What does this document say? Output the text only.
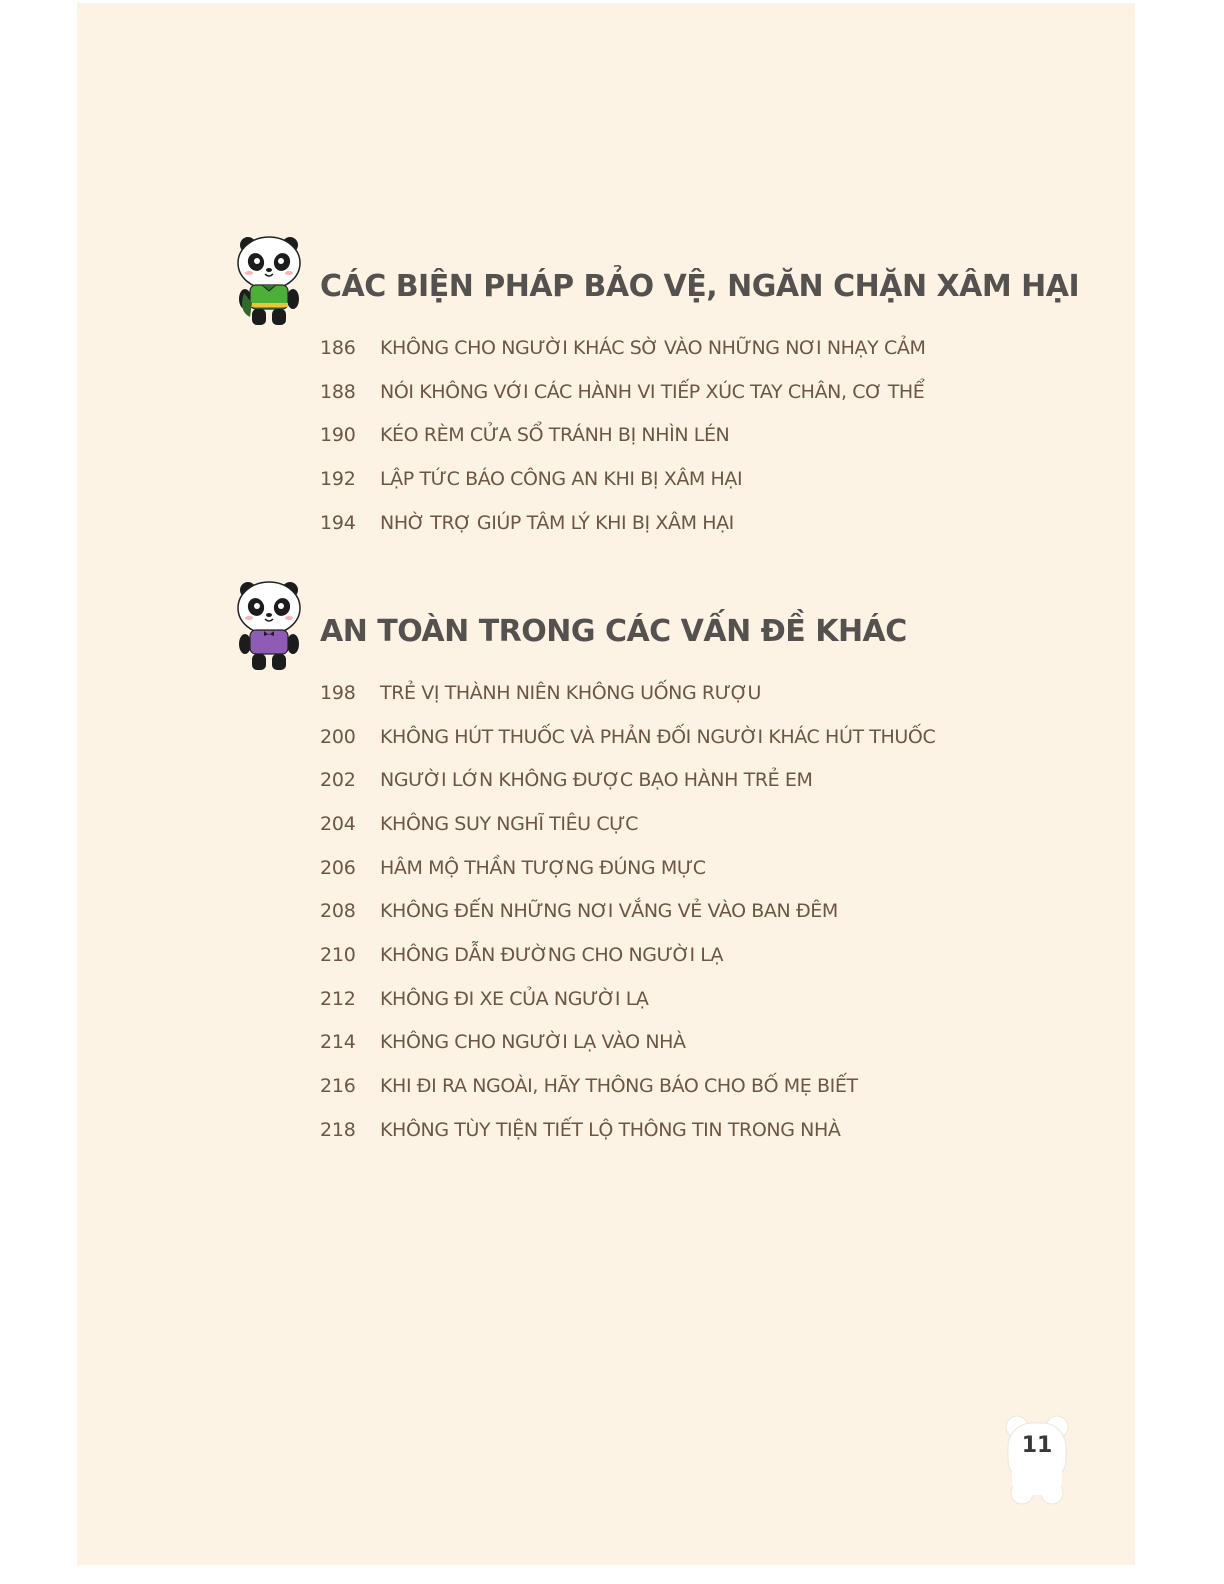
CÁC BIỆN PHÁP BẢO VỆ, NGĂN CHẶN XÂM HẠI
186	KHÔNG CHO NGƯỜI KHÁC SỜ VÀO NHỮNG NƠI NHẠY CẢM
188	NÓI KHÔNG VỚI CÁC HÀNH VI TIẾP XÚC TAY CHÂN, CƠ THỂ
190	KÉO RÈM CỬA SỔ TRÁNH BỊ NHÌN LÉN
192	LẬP TỨC BÁO CÔNG AN KHI BỊ XÂM HẠI
194	NHỜ TRỢ GIÚP TÂM LÝ KHI BỊ XÂM HẠI
AN TOÀN TRONG CÁC VẤN ĐỀ KHÁC
198	TRẺ VỊ THÀNH NIÊN KHÔNG UỐNG RƯỢU
200	KHÔNG HÚT THUỐC VÀ PHẢN ĐỐI NGƯỜI KHÁC HÚT THUỐC
202	NGƯỜI LỚN KHÔNG ĐƯỢC BẠO HÀNH TRẺ EM
204	KHÔNG SUY NGHĨ TIÊU CỰC
206	HÂM MỘ THẦN TƯỢNG ĐÚNG MỰC
208	KHÔNG ĐẾN NHỮNG NƠI VẮNG VẺ VÀO BAN ĐÊM
210	KHÔNG DẪN ĐƯỜNG CHO NGƯỜI LẠ
212	KHÔNG ĐI XE CỦA NGƯỜI LẠ
214	KHÔNG CHO NGƯỜI LẠ VÀO NHÀ
216	KHI ĐI RA NGOÀI, HÃY THÔNG BÁO CHO BỐ MẸ BIẾT
218	KHÔNG TÙY TIỆN TIẾT LỘ THÔNG TIN TRONG NHÀ
11
